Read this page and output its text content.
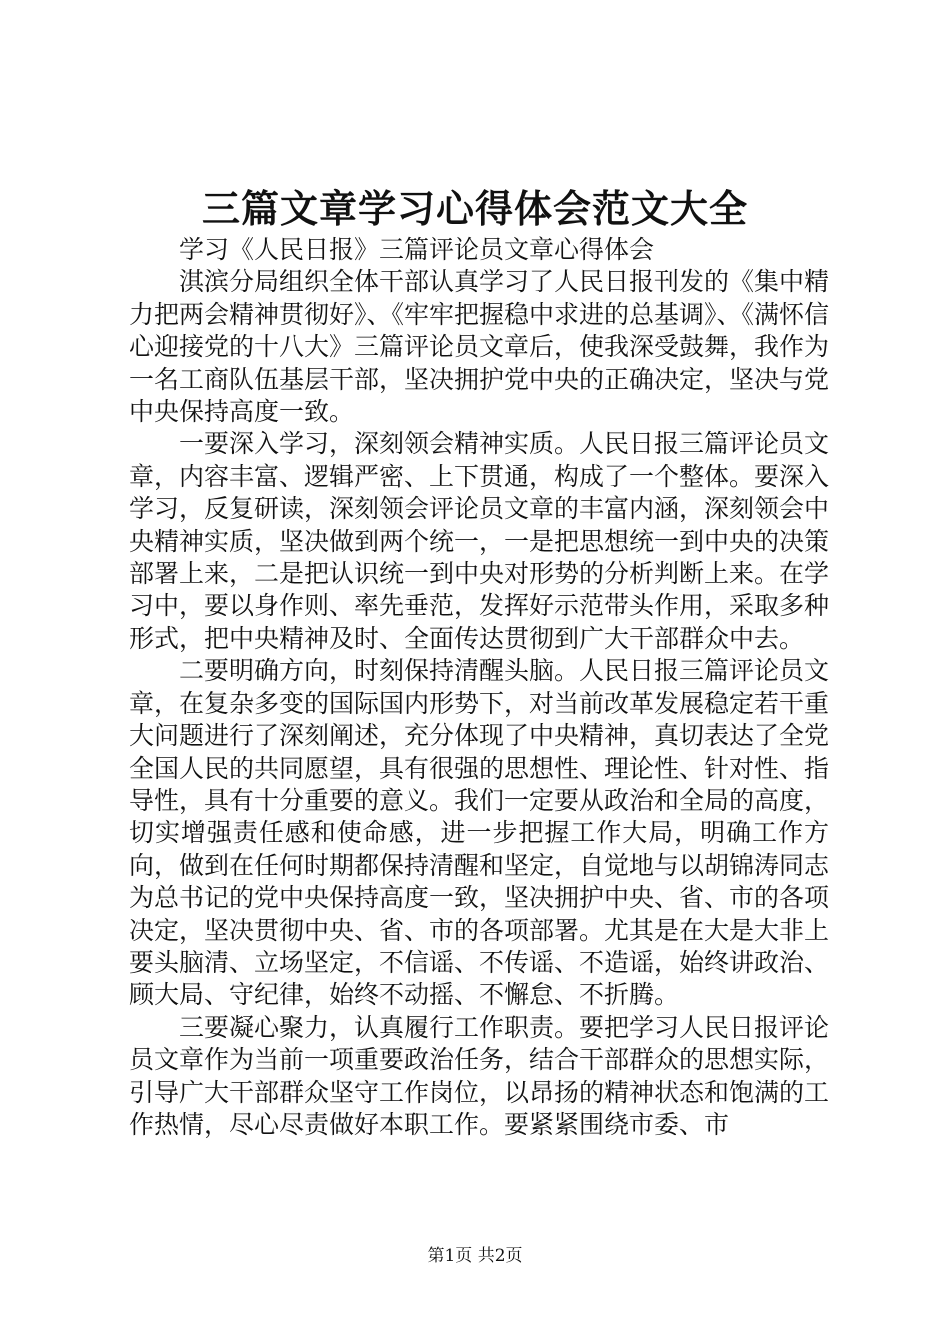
三篇文章学习心得体会范文大全

学习《人民日报》三篇评论员文章心得体会

淇滨分局组织全体干部认真学习了人民日报刊发的《集中精力把两会精神贯彻好》、《牢牢把握稳中求进的总基调》、《满怀信心迎接党的十八大》三篇评论员文章后，使我深受鼓舞，我作为一名工商队伍基层干部，坚决拥护党中央的正确决定，坚决与党中央保持高度一致。

一要深入学习，深刻领会精神实质。人民日报三篇评论员文章，内容丰富、逻辑严密、上下贯通，构成了一个整体。要深入学习，反复研读，深刻领会评论员文章的丰富内涵，深刻领会中央精神实质，坚决做到两个统一，一是把思想统一到中央的决策部署上来，二是把认识统一到中央对形势的分析判断上来。在学习中，要以身作则、率先垂范，发挥好示范带头作用，采取多种形式，把中央精神及时、全面传达贯彻到广大干部群众中去。

二要明确方向，时刻保持清醒头脑。人民日报三篇评论员文章，在复杂多变的国际国内形势下，对当前改革发展稳定若干重大问题进行了深刻阐述，充分体现了中央精神，真切表达了全党全国人民的共同愿望，具有很强的思想性、理论性、针对性、指导性，具有十分重要的意义。我们一定要从政治和全局的高度，切实增强责任感和使命感，进一步把握工作大局，明确工作方向，做到在任何时期都保持清醒和坚定，自觉地与以胡锦涛同志为总书记的党中央保持高度一致，坚决拥护中央、省、市的各项决定，坚决贯彻中央、省、市的各项部署。尤其是在大是大非上要头脑清、立场坚定，不信谣、不传谣、不造谣，始终讲政治、顾大局、守纪律，始终不动摇、不懈怠、不折腾。

三要凝心聚力，认真履行工作职责。要把学习人民日报评论员文章作为当前一项重要政治任务，结合干部群众的思想实际，引导广大干部群众坚守工作岗位，以昂扬的精神状态和饱满的工作热情，尽心尽责做好本职工作。要紧紧围绕市委、市

第1页 共2页
